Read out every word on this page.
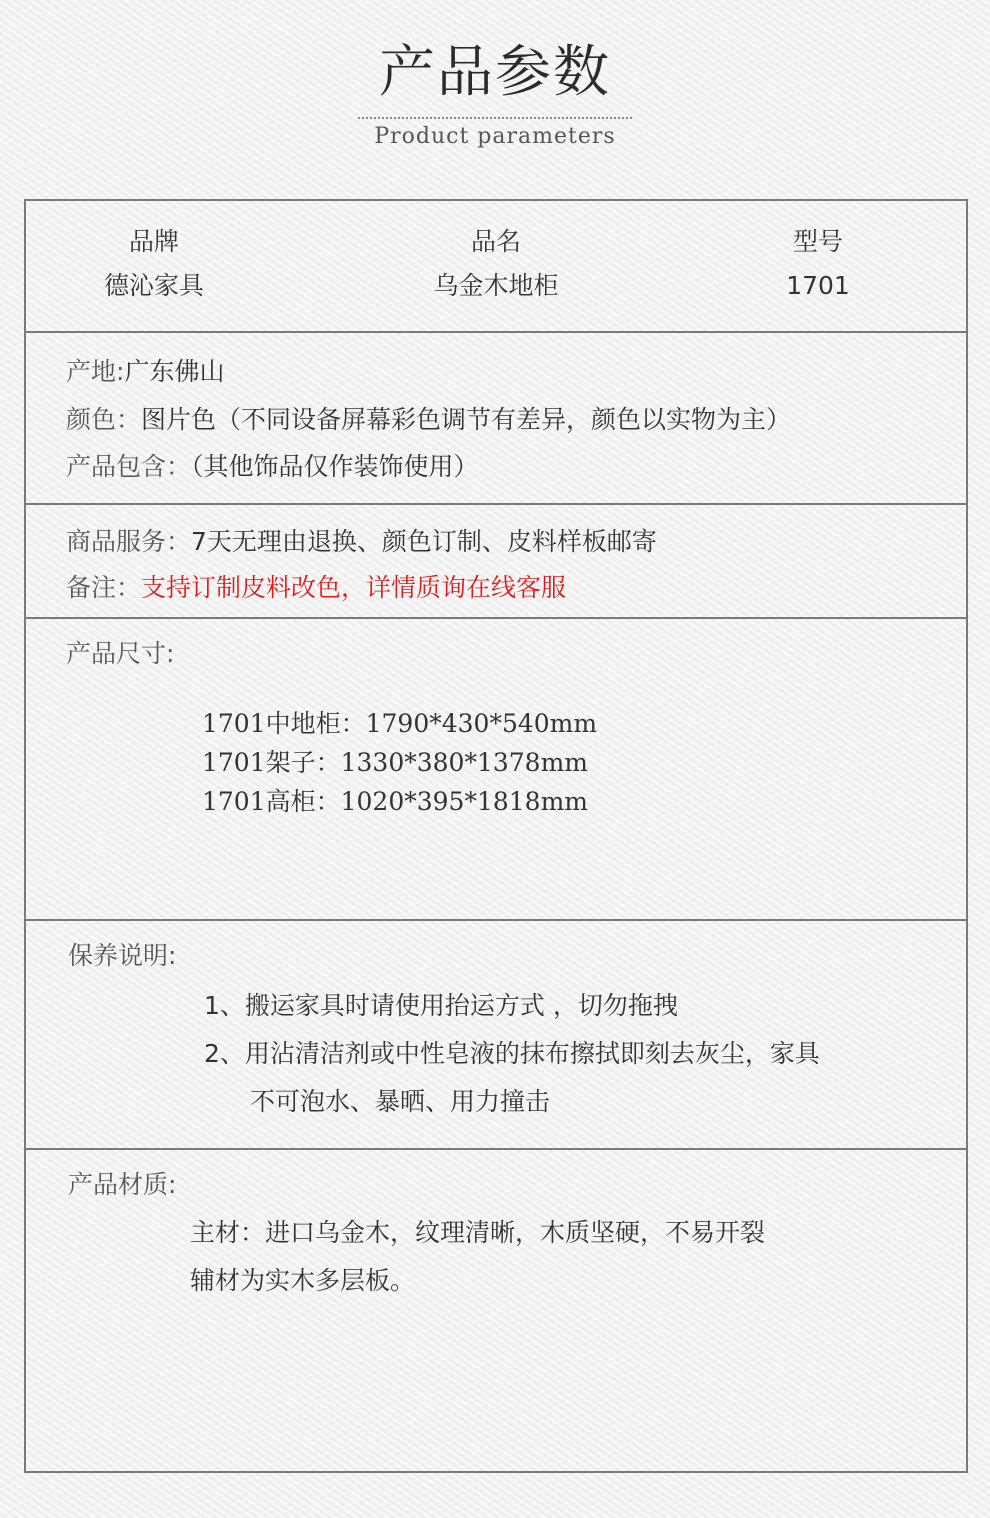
产品参数
Product parameters
品牌
德沁家具
品名
乌金木地柜
型号
1701
产地:广东佛山
颜色：图片色（不同设备屏幕彩色调节有差异，颜色以实物为主）
产品包含：（其他饰品仅作装饰使用）
商品服务：7天无理由退换、颜色订制、皮料样板邮寄
备注：支持订制皮料改色，详情质询在线客服
产品尺寸:
1701中地柜：1790*430*540mm
1701架子：1330*380*1378mm
1701高柜：1020*395*1818mm
保养说明:
1、搬运家具时请使用抬运方式 ，切勿拖拽
2、用沾清洁剂或中性皂液的抹布擦拭即刻去灰尘，家具
不可泡水、暴晒、用力撞击
产品材质:
主材：进口乌金木，纹理清晰，木质坚硬，不易开裂
辅材为实木多层板。
